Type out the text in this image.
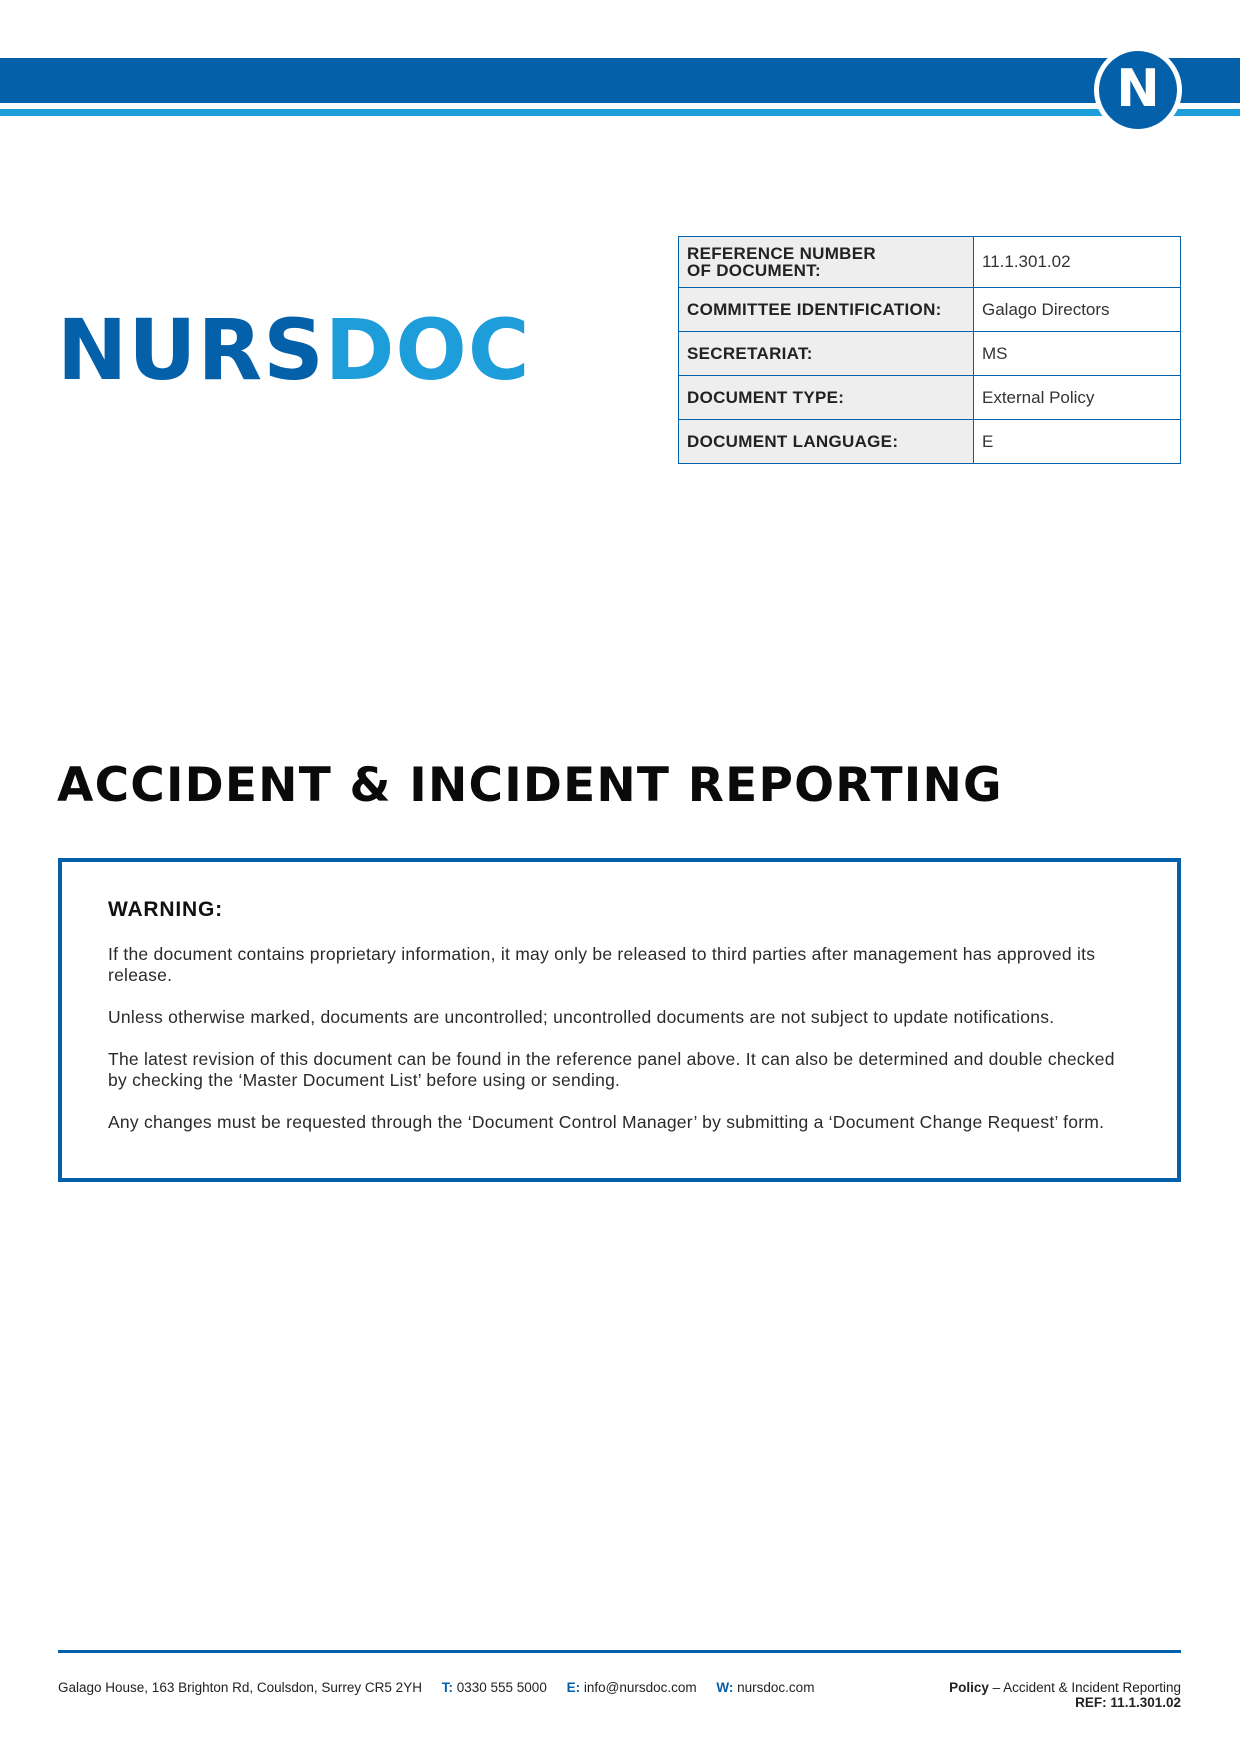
N
NURSDOC
REFERENCE NUMBER
OF DOCUMENT:	11.1.301.02
COMMITTEE IDENTIFICATION:	Galago Directors
SECRETARIAT:	MS
DOCUMENT TYPE:	External Policy
DOCUMENT LANGUAGE:	E
ACCIDENT & INCIDENT REPORTING
WARNING:

If the document contains proprietary information, it may only be released to third parties after management has approved its release.

Unless otherwise marked, documents are uncontrolled; uncontrolled documents are not subject to update notifications.

The latest revision of this document can be found in the reference panel above. It can also be determined and double checked by checking the ‘Master Document List’ before using or sending.

Any changes must be requested through the ‘Document Control Manager’ by submitting a ‘Document Change Request’ form.

Galago House, 163 Brighton Rd, Coulsdon, Surrey CR5 2YH T: 0330 555 5000 E: info@nursdoc.com W: nursdoc.com	Policy – Accident & Incident Reporting
REF: 11.1.301.02
